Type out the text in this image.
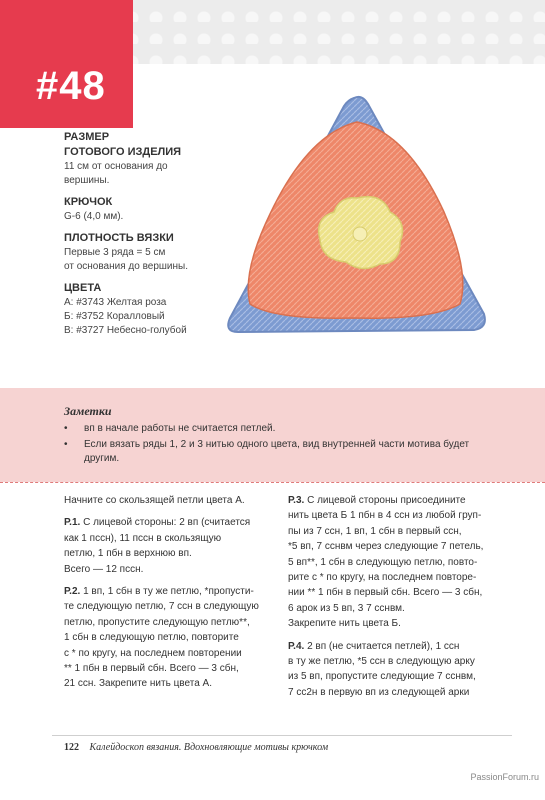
#48
РАЗМЕР
ГОТОВОГО ИЗДЕЛИЯ
11 см от основания до
вершины.
КРЮЧОК
G-6 (4,0 мм).
ПЛОТНОСТЬ ВЯЗКИ
Первые 3 ряда = 5 см
от основания до вершины.
ЦВЕТА
А: #3743 Желтая роза
Б: #3752 Коралловый
В: #3727 Небесно-голубой
Заметки
• вп в начале работы не считается петлей.
• Если вязать ряды 1, 2 и 3 нитью одного цвета, вид внутренней части мотива будет
другим.

Начните со скользящей петли цвета А.

Р.1. С лицевой стороны: 2 вп (считается
как 1 псcн), 11 псcн в скользящую
петлю, 1 пбн в верхнюю вп.
Всего — 12 псcн.

Р.2. 1 вп, 1 сбн в ту же петлю, *пропусти-
те следующую петлю, 7 ссн в следующую
петлю, пропустите следующую петлю**,
1 сбн в следующую петлю, повторите
с * по кругу, на последнем повторении
** 1 пбн в первый сбн. Всего — 3 сбн,
21 ссн. Закрепите нить цвета А.

Р.3. С лицевой стороны присоедините
нить цвета Б 1 пбн в 4 ссн из любой груп-
пы из 7 ссн, 1 вп, 1 сбн в первый ссн,
*5 вп, 7 сснвм через следующие 7 петель,
5 вп**, 1 сбн в следующую петлю, повто-
рите с * по кругу, на последнем повторе-
нии ** 1 пбн в первый сбн. Всего — 3 сбн,
6 арок из 5 вп, 3 7 сснвм.
Закрепите нить цвета Б.

Р.4. 2 вп (не считается петлей), 1 ссн
в ту же петлю, *5 ссн в следующую арку
из 5 вп, пропустите следующие 7 сснвм,
7 сс2н в первую вп из следующей арки

122 Калейдоскоп вязания. Вдохновляющие мотивы крючком
PassionForum.ru
